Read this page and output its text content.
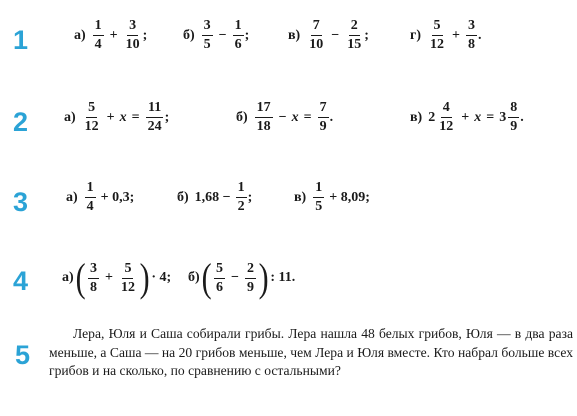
1	$а) \frac{1}{4} + \frac{3}{10}$ ;	$б) \frac{3}{5} - \frac{1}{6}$ ;	$в) \frac{7}{10} - \frac{2}{15}$ ;	$г) \frac{5}{12} + \frac{3}{8}$ .
2	$а) \frac{5}{12} + x = \frac{11}{24}$ ;	$б) \frac{17}{18} - x = \frac{7}{9}$ .	в) $2 \frac{4}{12} + x = 3 \frac{8}{9}$ .
3	$а) \frac{1}{4} + 0,3$;	б) $1,68 - \frac{1}{2}$ ;	$в) \frac{1}{5} + 8,09$;
4 а) ( $\frac{3}{8} + \frac{5}{12}$ ) · 4; б) ( $\frac{5}{6} - \frac{2}{9}$ ) : 11.
5
Лера, Юля и Саша собирали грибы. Лера нашла 48 белых грибов, Юля — в два раза меньше, а Саша — на 20 грибов меньше, чем Лера и Юля вместе. Кто набрал больше всех грибов и на сколько, по сравнению с остальными?
